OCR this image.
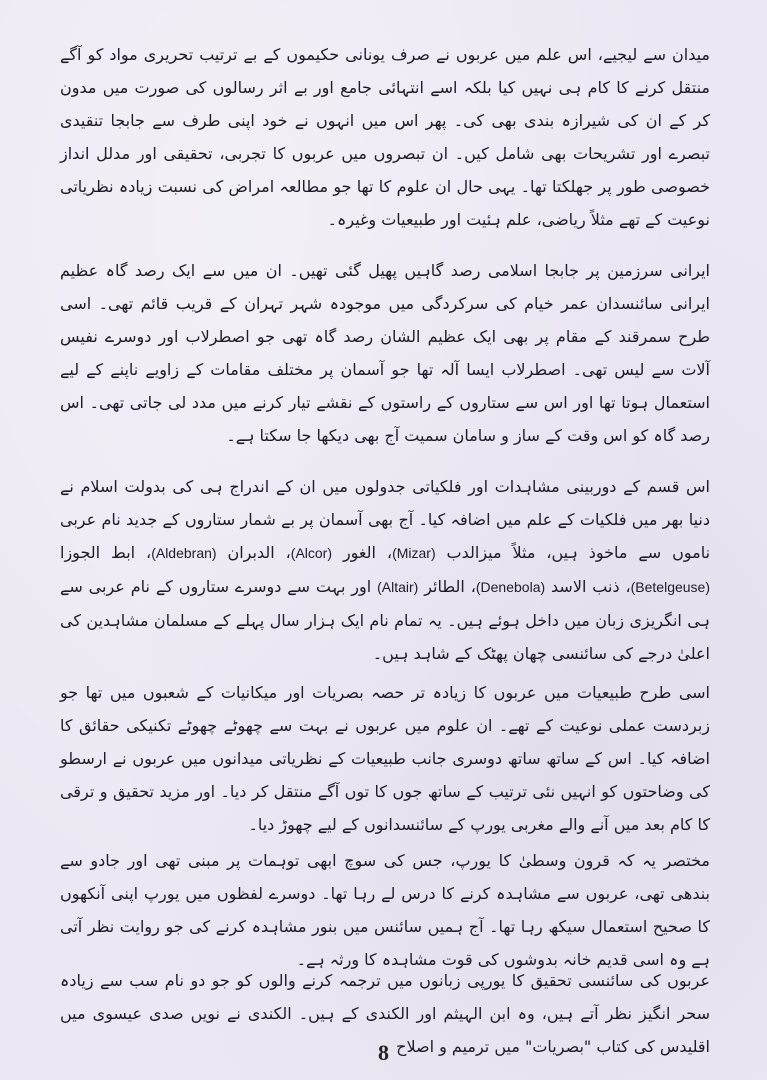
میدان سے لیجیے، اس علم میں عربوں نے صرف یونانی حکیموں کے بے ترتیب تحریری مواد کو آگے منتقل کرنے کا کام ہی نہیں کیا بلکہ اسے انتہائی جامع اور بے اثر رسالوں کی صورت میں مدون کر کے ان کی شیرازہ بندی بھی کی۔ پھر اس میں انہوں نے خود اپنی طرف سے جابجا تنقیدی تبصرے اور تشریحات بھی شامل کیں۔ ان تبصروں میں عربوں کا تجربی، تحقیقی اور مدلل انداز خصوصی طور پر جھلکتا تھا۔ یہی حال ان علوم کا تھا جو مطالعہ امراض کی نسبت زیادہ نظریاتی نوعیت کے تھے مثلاً ریاضی، علم ہئیت اور طبیعیات وغیرہ۔

ایرانی سرزمین پر جابجا اسلامی رصد گاہیں پھیل گئی تھیں۔ ان میں سے ایک رصد گاہ عظیم ایرانی سائنسدان عمر خیام کی سرکردگی میں موجودہ شہر تہران کے قریب قائم تھی۔ اسی طرح سمرقند کے مقام پر بھی ایک عظیم الشان رصد گاہ تھی جو اصطرلاب اور دوسرے نفیس آلات سے لیس تھی۔ اصطرلاب ایسا آلہ تھا جو آسمان پر مختلف مقامات کے زاویے ناپنے کے لیے استعمال ہوتا تھا اور اس سے ستاروں کے راستوں کے نقشے تیار کرنے میں مدد لی جاتی تھی۔ اس رصد گاہ کو اس وقت کے ساز و سامان سمیت آج بھی دیکھا جا سکتا ہے۔

اس قسم کے دوربینی مشاہدات اور فلکیاتی جدولوں میں ان کے اندراج ہی کی بدولت اسلام نے دنیا بھر میں فلکیات کے علم میں اضافہ کیا۔ آج بھی آسمان پر بے شمار ستاروں کے جدید نام عربی ناموں سے ماخوذ ہیں، مثلاً میزالدب (Mizar)، الغور (Alcor)، الدبران (Aldebran)، ابط الجوزا (Betelgeuse)، ذنب الاسد (Denebola)، الطائر (Altair) اور بہت سے دوسرے ستاروں کے نام عربی سے ہی انگریزی زبان میں داخل ہوئے ہیں۔ یہ تمام نام ایک ہزار سال پہلے کے مسلمان مشاہدین کی اعلیٰ درجے کی سائنسی چھان پھٹک کے شاہد ہیں۔

اسی طرح طبیعیات میں عربوں کا زیادہ تر حصہ بصریات اور میکانیات کے شعبوں میں تھا جو زبردست عملی نوعیت کے تھے۔ ان علوم میں عربوں نے بہت سے چھوٹے چھوٹے تکنیکی حقائق کا اضافہ کیا۔ اس کے ساتھ ساتھ دوسری جانب طبیعیات کے نظریاتی میدانوں میں عربوں نے ارسطو کی وضاحتوں کو انہیں نئی ترتیب کے ساتھ جوں کا توں آگے منتقل کر دیا۔ اور مزید تحقیق و ترقی کا کام بعد میں آنے والے مغربی یورپ کے سائنسدانوں کے لیے چھوڑ دیا۔

مختصر یہ کہ قرون وسطیٰ کا یورپ، جس کی سوچ ابھی توہمات پر مبنی تھی اور جادو سے بندھی تھی، عربوں سے مشاہدہ کرنے کا درس لے رہا تھا۔ دوسرے لفظوں میں یورپ اپنی آنکھوں کا صحیح استعمال سیکھ رہا تھا۔ آج ہمیں سائنس میں بنور مشاہدہ کرنے کی جو روایت نظر آتی ہے وہ اسی قدیم خانہ بدوشوں کی قوت مشاہدہ کا ورثہ ہے۔

عربوں کی سائنسی تحقیق کا یورپی زبانوں میں ترجمہ کرنے والوں کو جو دو نام سب سے زیادہ سحر انگیز نظر آتے ہیں، وہ ابن الہیثم اور الکندی کے ہیں۔ الکندی نے نویں صدی عیسوی میں اقلیدس کی کتاب "بصریات" میں ترمیم و اصلاح

8
